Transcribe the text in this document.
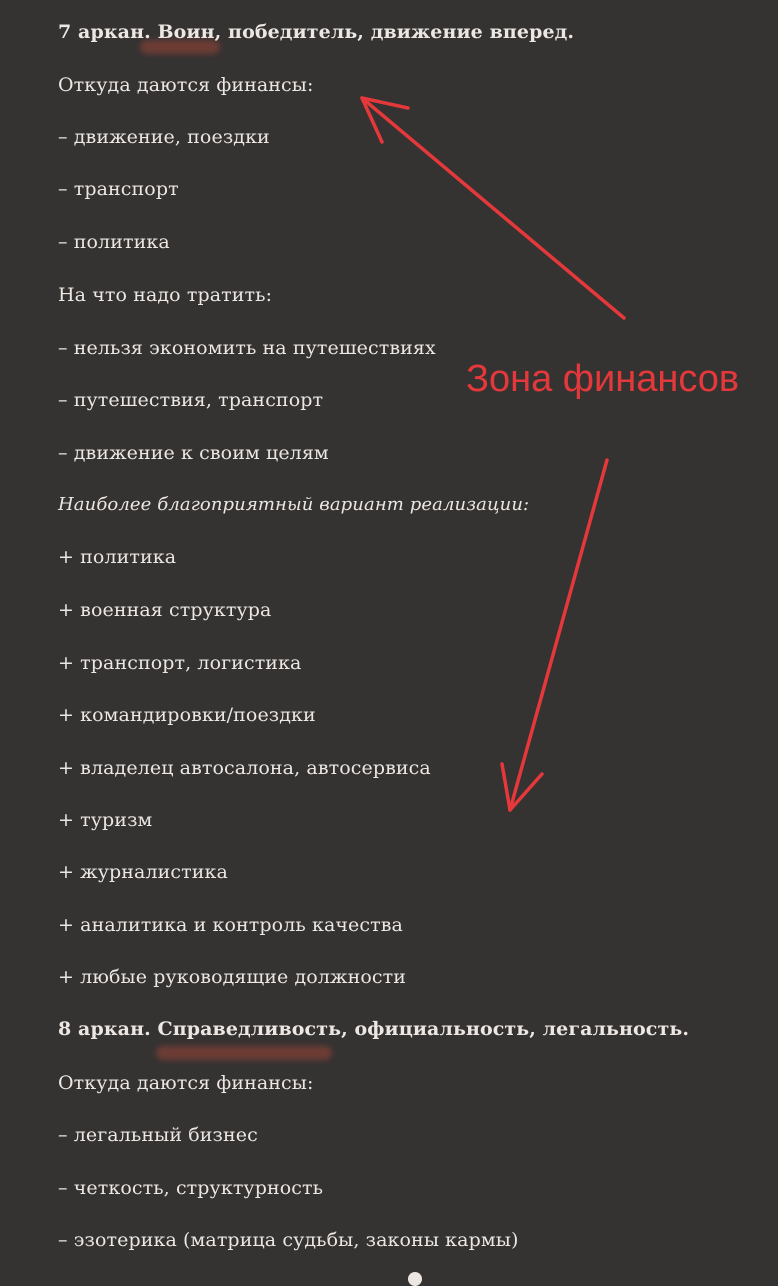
7 аркан. Воин, победитель, движение вперед.
Откуда даются финансы:
– движение, поездки
– транспорт
– политика
На что надо тратить:
– нельзя экономить на путешествиях
– путешествия, транспорт
– движение к своим целям
Наиболее благоприятный вариант реализации:
+ политика
+ военная структура
+ транспорт, логистика
+ командировки/поездки
+ владелец автосалона, автосервиса
+ туризм
+ журналистика
+ аналитика и контроль качества
+ любые руководящие должности
8 аркан. Справедливость, официальность, легальность.
Откуда даются финансы:
– легальный бизнес
– четкость, структурность
– эзотерика (матрица судьбы, законы кармы)
Зона финансов
